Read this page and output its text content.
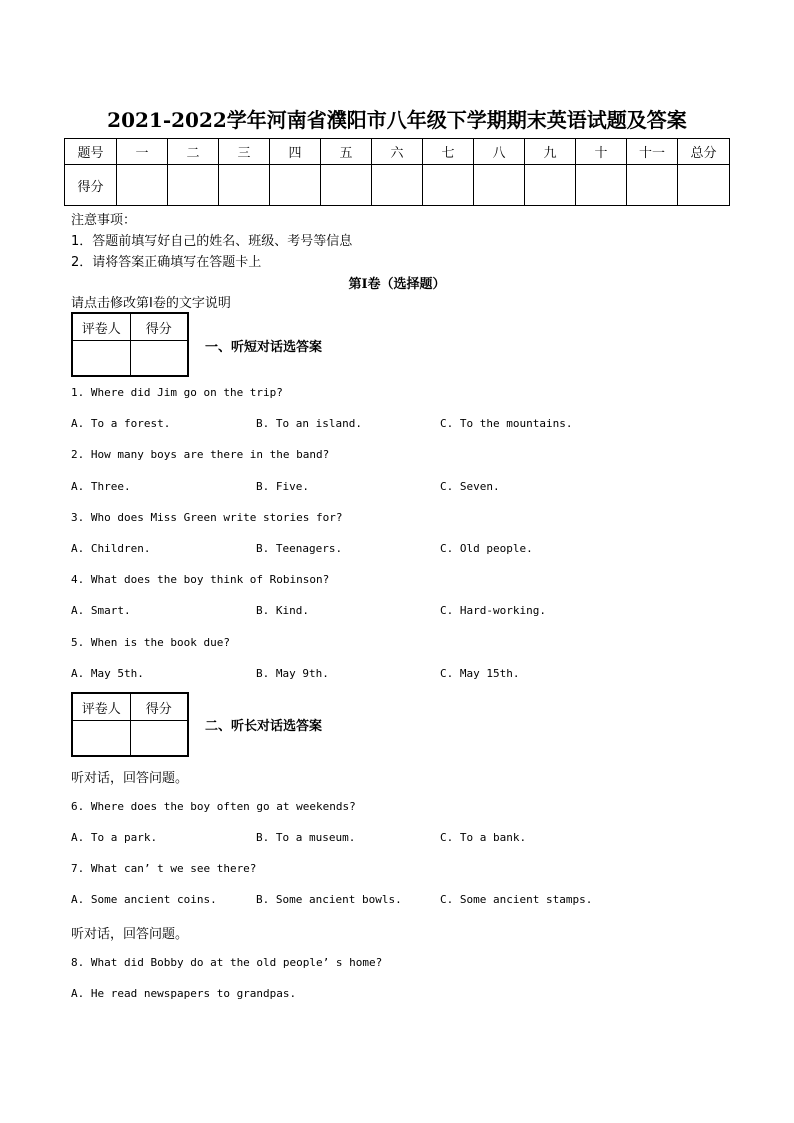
2021-2022学年河南省濮阳市八年级下学期期末英语试题及答案
题号	一	二	三	四	五	六	七	八	九	十	十一	总分
得分												
注意事项：
1．答题前填写好自己的姓名、班级、考号等信息
2．请将答案正确填写在答题卡上
第I卷（选择题）
请点击修改第I卷的文字说明
评卷人	得分

一、听短对话选答案
1. Where did Jim go on the trip?
A. To a forest.	B. To an island.	C. To the mountains.
2. How many boys are there in the band?
A. Three.	B. Five.	C. Seven.
3. Who does Miss Green write stories for?
A. Children.	B. Teenagers.	C. Old people.
4. What does the boy think of Robinson?
A. Smart.	B. Kind.	C. Hard-working.
5. When is the book due?
A. May 5th.	B. May 9th.	C. May 15th.
评卷人	得分

二、听长对话选答案
听对话，回答问题。
6. Where does the boy often go at weekends?
A. To a park.	B. To a museum.	C. To a bank.
7. What can’ t we see there?
A. Some ancient coins.	B. Some ancient bowls.	C. Some ancient stamps.
听对话，回答问题。
8. What did Bobby do at the old people’ s home?
A. He read newspapers to grandpas.
